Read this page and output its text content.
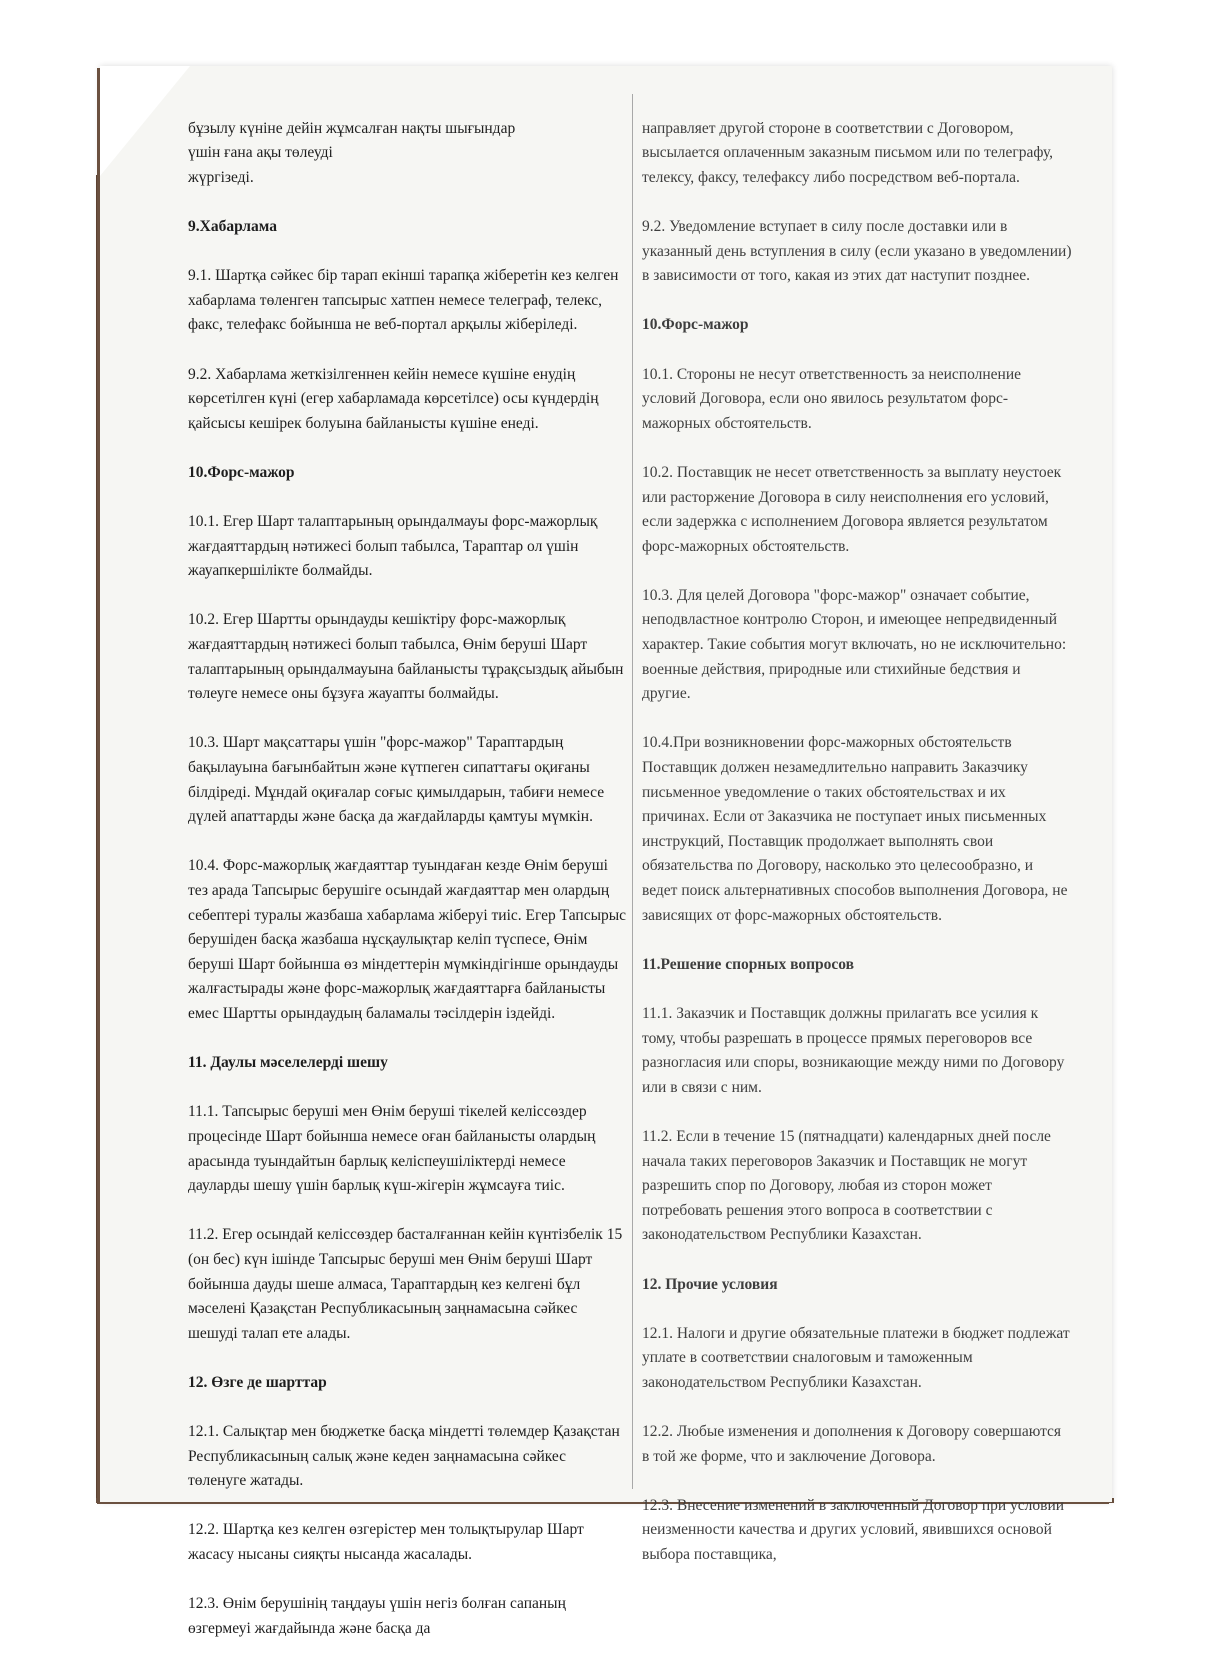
бұзылу күніне дейін жұмсалған нақты шығындар
үшін ғана ақы төлеуді
жүргізеді.

9.Хабарлама

9.1. Шартқа сәйкес бір тарап екінші тарапқа жіберетін кез келген хабарлама төленген тапсырыс хатпен немесе телеграф, телекс, факс, телефакс бойынша не веб-портал арқылы жіберіледі.

9.2. Хабарлама жеткізілгеннен кейін немесе күшіне енудің көрсетілген күні (егер хабарламада көрсетілсе) осы күндердің қайсысы кешірек болуына байланысты күшіне енеді.

10.Форс-мажор

10.1. Егер Шарт талаптарының орындалмауы форс-мажорлық жағдаяттардың нәтижесі болып табылса, Тараптар ол үшін жауапкершілікте болмайды.

10.2. Егер Шартты орындауды кешіктіру форс-мажорлық жағдаяттардың нәтижесі болып табылса, Өнім беруші Шарт талаптарының орындалмауына байланысты тұрақсыздық айыбын төлеуге немесе оны бұзуға жауапты болмайды.

10.3. Шарт мақсаттары үшін "форс-мажор" Тараптардың бақылауына бағынбайтын және күтпеген сипаттағы оқиғаны білдіреді. Мұндай оқиғалар соғыс қимылдарын, табиғи немесе дүлей апаттарды және басқа да жағдайларды қамтуы мүмкін.

10.4. Форс-мажорлық жағдаяттар туындаған кезде Өнім беруші тез арада Тапсырыс берушіге осындай жағдаяттар мен олардың себептері туралы жазбаша хабарлама жіберуі тиіс. Егер Тапсырыс берушіден басқа жазбаша нұсқаулықтар келіп түспесе, Өнім беруші Шарт бойынша өз міндеттерін мүмкіндігінше орындауды жалғастырады және форс-мажорлық жағдаяттарға байланысты емес Шартты орындаудың баламалы тәсілдерін іздейді.

11. Даулы мәселелерді шешу

11.1. Тапсырыс беруші мен Өнім беруші тікелей келіссөздер процесінде Шарт бойынша немесе оған байланысты олардың арасында туындайтын барлық келіспеушіліктерді немесе дауларды шешу үшін барлық күш-жігерін жұмсауға тиіс.

11.2. Егер осындай келіссөздер басталғаннан кейін күнтізбелік 15 (он бес) күн ішінде Тапсырыс беруші мен Өнім беруші Шарт бойынша дауды шеше алмаса, Тараптардың кез келгені бұл мәселені Қазақстан Республикасының заңнамасына сәйкес шешуді талап ете алады.

12. Өзге де шарттар

12.1. Салықтар мен бюджетке басқа міндетті төлемдер Қазақстан Республикасының салық және кеден заңнамасына сәйкес төленуге жатады.

12.2. Шартқа кез келген өзгерістер мен толықтырулар Шарт жасасу нысаны сияқты нысанда жасалады.

12.3. Өнім берушінің таңдауы үшін негіз болған сапаның өзгермеуі жағдайында және басқа да

направляет другой стороне в соответствии с Договором, высылается оплаченным заказным письмом или по телеграфу, телексу, факсу, телефаксу либо посредством веб-портала.

9.2. Уведомление вступает в силу после доставки или в указанный день вступления в силу (если указано в уведомлении) в зависимости от того, какая из этих дат наступит позднее.

10.Форс-мажор

10.1. Стороны не несут ответственность за неисполнение условий Договора, если оно явилось результатом форс-мажорных обстоятельств.

10.2. Поставщик не несет ответственность за выплату неустоек или расторжение Договора в силу неисполнения его условий, если задержка с исполнением Договора является результатом форс-мажорных обстоятельств.

10.3. Для целей Договора "форс-мажор" означает событие, неподвластное контролю Сторон, и имеющее непредвиденный характер. Такие события могут включать, но не исключительно: военные действия, природные или стихийные бедствия и другие.

10.4.При возникновении форс-мажорных обстоятельств Поставщик должен незамедлительно направить Заказчику письменное уведомление о таких обстоятельствах и их причинах. Если от Заказчика не поступает иных письменных инструкций, Поставщик продолжает выполнять свои обязательства по Договору, насколько это целесообразно, и ведет поиск альтернативных способов выполнения Договора, не зависящих от форс-мажорных обстоятельств.

11.Решение спорных вопросов

11.1. Заказчик и Поставщик должны прилагать все усилия к тому, чтобы разрешать в процессе прямых переговоров все разногласия или споры, возникающие между ними по Договору или в связи с ним.

11.2. Если в течение 15 (пятнадцати) календарных дней после начала таких переговоров Заказчик и Поставщик не могут разрешить спор по Договору, любая из сторон может потребовать решения этого вопроса в соответствии с законодательством Республики Казахстан.

12. Прочие условия

12.1. Налоги и другие обязательные платежи в бюджет подлежат уплате в соответствии сналоговым и таможенным законодательством Республики Казахстан.

12.2. Любые изменения и дополнения к Договору совершаются в той же форме, что и заключение Договора.

12.3. Внесение изменений в заключенный Договор при условии неизменности качества и других условий, явившихся основой выбора поставщика,
